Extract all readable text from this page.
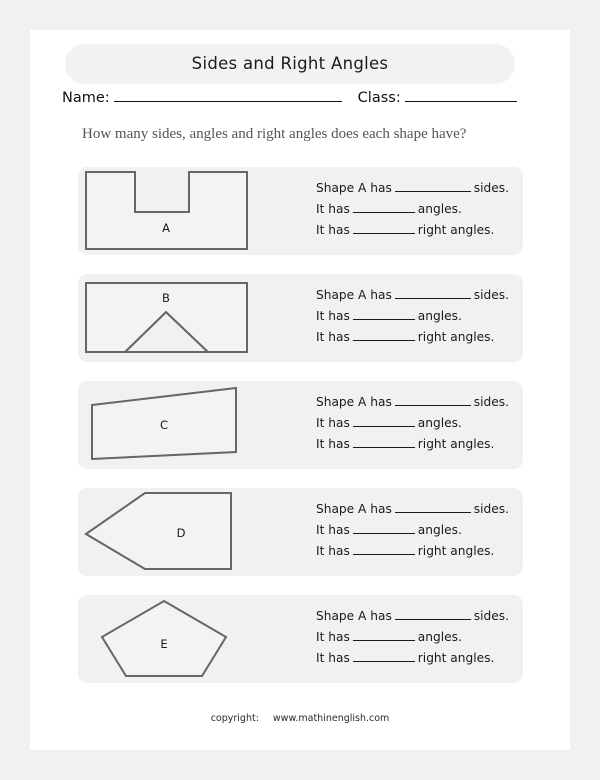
Sides and Right Angles
Name:	Class:
How many sides, angles and right angles does each shape have?
A
Shape A has	sides.
It has	angles.
It has	right angles.
B	Shape A has	sides.
It has	angles.
It has	right angles.
C
Shape A has	sides.
It has	angles.
It has	right angles.
D
Shape A has	sides.
It has	angles.
It has	right angles.
E
Shape A has	sides.
It has	angles.
It has	right angles.
copyright: www.mathinenglish.com
